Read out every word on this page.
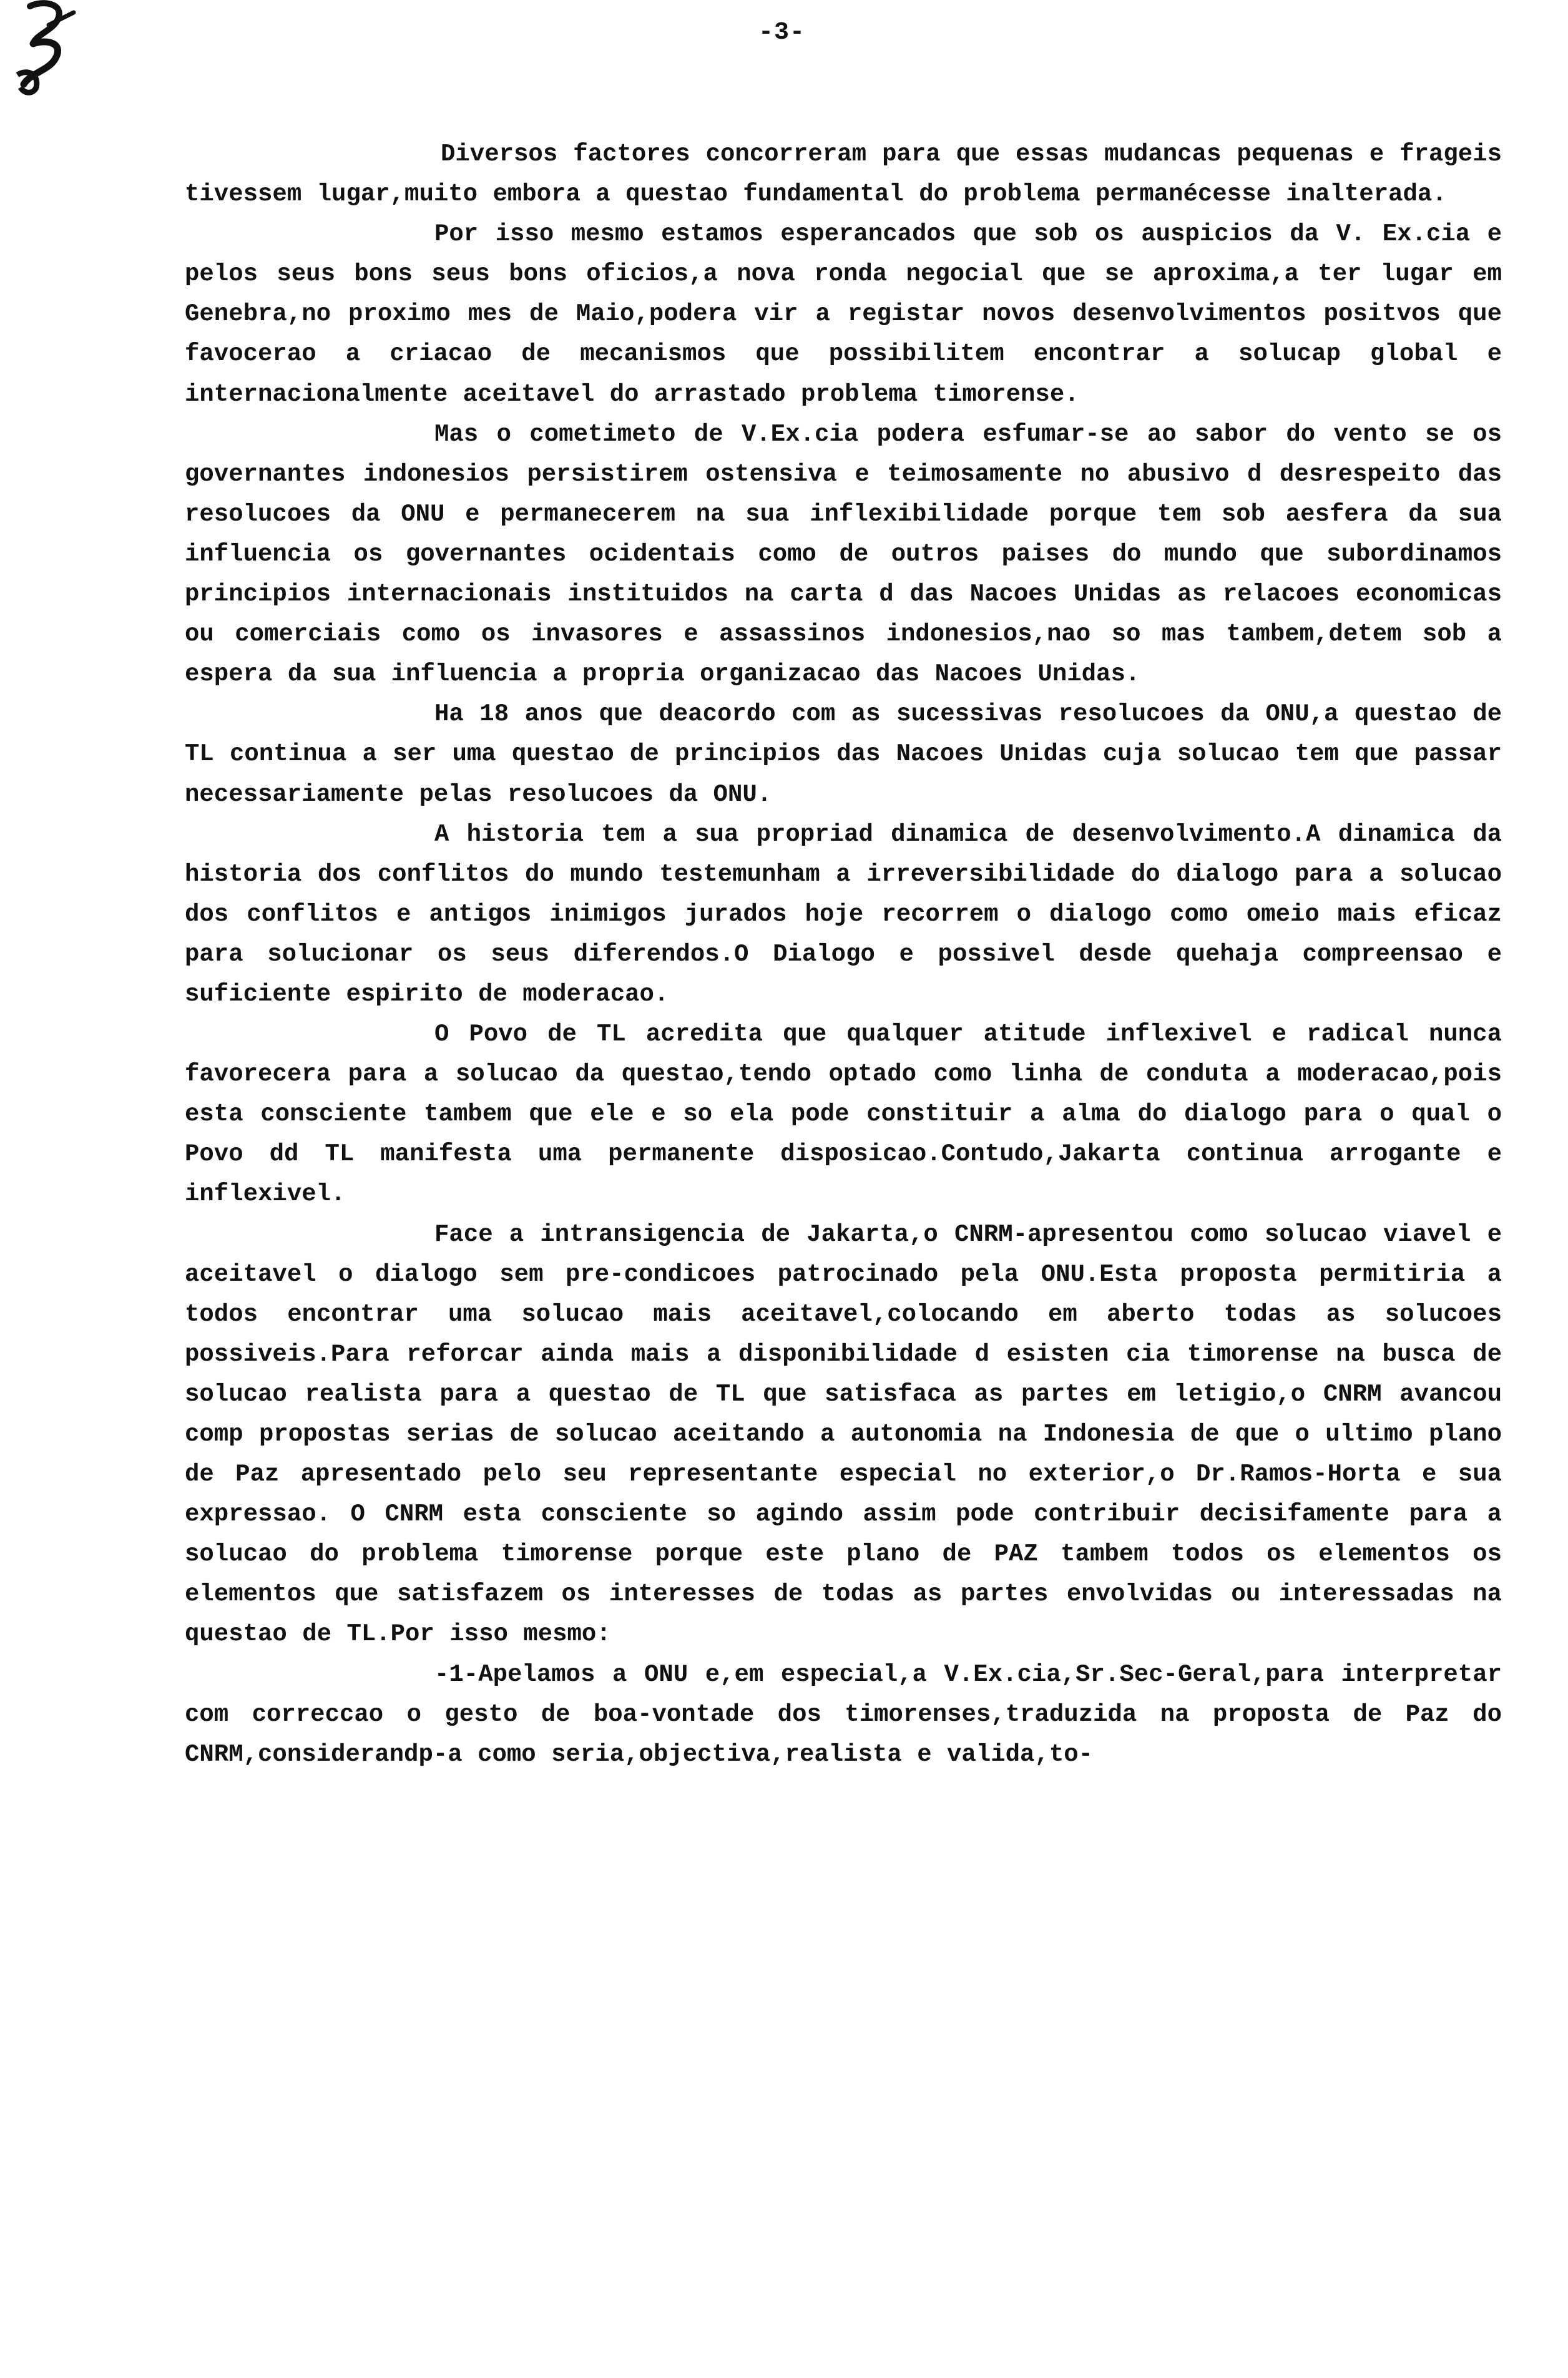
-3-

Diversos factores concorreram para que essas mudancas pequenas e frageis tivessem lugar,muito embora a questao fundamental do problema permanécesse inalterada.

Por isso mesmo estamos esperancados que sob os auspicios da V. Ex.cia e pelos seus bons seus bons oficios,a nova ronda negocial que se aproxima,a ter lugar em Genebra,no proximo mes de Maio,podera vir a registar novos desenvolvimentos positvos que favocerao a criacao de mecanismos que possibilitem encontrar a solucap global e internacionalmente aceitavel do arrastado problema timorense.

Mas o cometimeto de V.Ex.cia podera esfumar-se ao sabor do vento se os governantes indonesios persistirem ostensiva e teimosamente no abusivo d desrespeito das resolucoes da ONU e permanecerem na sua inflexibilidade porque tem sob aesfera da sua influencia os governantes ocidentais como de outros paises do mundo que subordinamos principios internacionais instituidos na carta d das Nacoes Unidas as relacoes economicas ou comerciais como os invasores e assassinos indonesios,nao so mas tambem,detem sob a espera da sua influencia a propria organizacao das Nacoes Unidas.

Ha 18 anos que deacordo com as sucessivas resolucoes da ONU,a questao de TL continua a ser uma questao de principios das Nacoes Unidas cuja solucao tem que passar necessariamente pelas resolucoes da ONU.

A historia tem a sua propriad dinamica de desenvolvimento.A dinamica da historia dos conflitos do mundo testemunham a irreversibilidade do dialogo para a solucao dos conflitos e antigos inimigos jurados hoje recorrem o dialogo como omeio mais eficaz para solucionar os seus diferendos.O Dialogo e possivel desde quehaja compreensao e suficiente espirito de moderacao.

O Povo de TL acredita que qualquer atitude inflexivel e radical nunca favorecera para a solucao da questao,tendo optado como linha de conduta a moderacao,pois esta consciente tambem que ele e so ela pode constituir a alma do dialogo para o qual o Povo dd TL manifesta uma permanente disposicao.Contudo,Jakarta continua arrogante e inflexivel.

Face a intransigencia de Jakarta,o CNRM-apresentou como solucao viavel e aceitavel o dialogo sem pre-condicoes patrocinado pela ONU.Esta proposta permitiria a todos encontrar uma solucao mais aceitavel,colocando em aberto todas as solucoes possiveis.Para reforcar ainda mais a disponibilidade d esisten cia timorense na busca de solucao realista para a questao de TL que satisfaca as partes em letigio,o CNRM avancou comp propostas serias de solucao aceitando a autonomia na Indonesia de que o ultimo plano de Paz apresentado pelo seu representante especial no exterior,o Dr.Ramos-Horta e sua expressao. O CNRM esta consciente so agindo assim pode contribuir decisifamente para a solucao do problema timorense porque este plano de PAZ tambem todos os elementos os elementos que satisfazem os interesses de todas as partes envolvidas ou interessadas na questao de TL.Por isso mesmo:

-1-Apelamos a ONU e,em especial,a V.Ex.cia,Sr.Sec-Geral,para interpretar com correccao o gesto de boa-vontade dos timorenses,traduzida na proposta de Paz do CNRM,considerandp-a como seria,objectiva,realista e valida,to-
